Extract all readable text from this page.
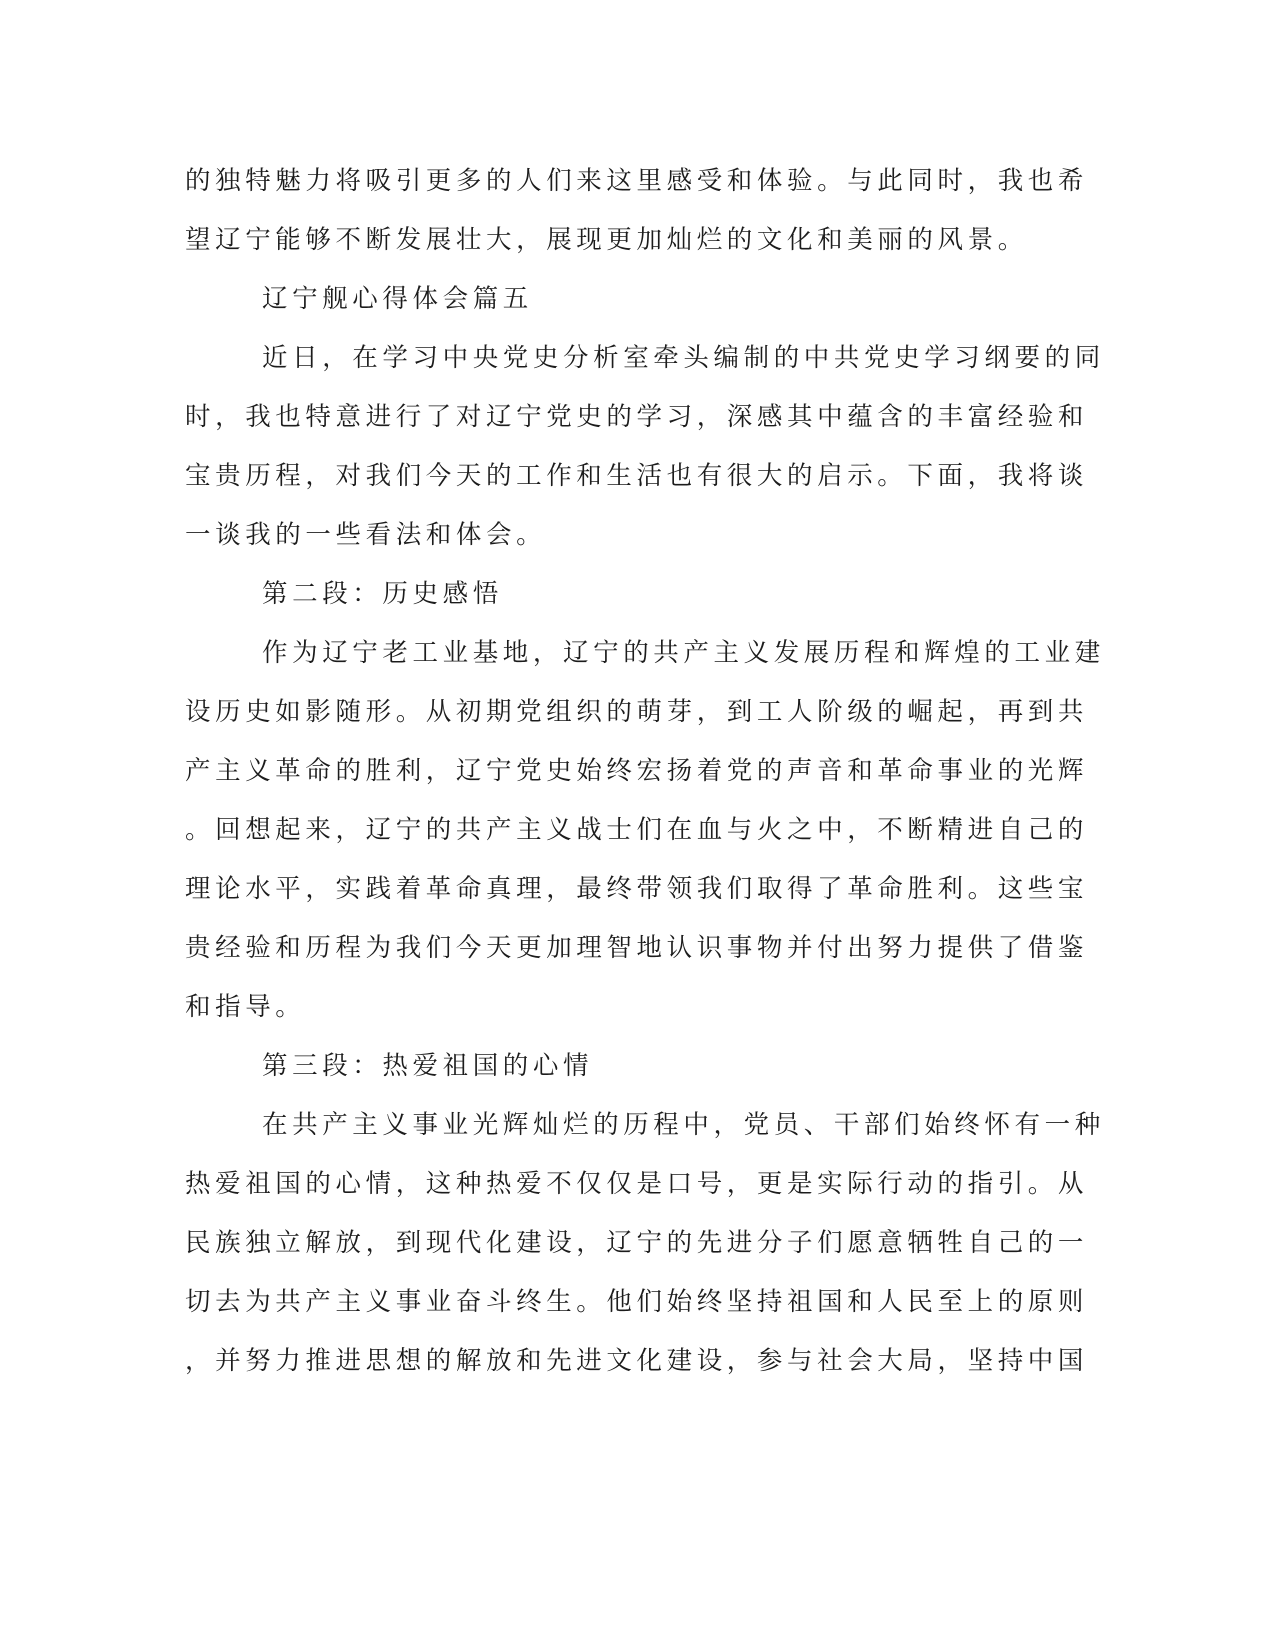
的独特魅力将吸引更多的人们来这里感受和体验。与此同时，我也希
望辽宁能够不断发展壮大，展现更加灿烂的文化和美丽的风景。
辽宁舰心得体会篇五
近日，在学习中央党史分析室牵头编制的中共党史学习纲要的同
时，我也特意进行了对辽宁党史的学习，深感其中蕴含的丰富经验和
宝贵历程，对我们今天的工作和生活也有很大的启示。下面，我将谈
一谈我的一些看法和体会。
第二段：历史感悟
作为辽宁老工业基地，辽宁的共产主义发展历程和辉煌的工业建
设历史如影随形。从初期党组织的萌芽，到工人阶级的崛起，再到共
产主义革命的胜利，辽宁党史始终宏扬着党的声音和革命事业的光辉
。回想起来，辽宁的共产主义战士们在血与火之中，不断精进自己的
理论水平，实践着革命真理，最终带领我们取得了革命胜利。这些宝
贵经验和历程为我们今天更加理智地认识事物并付出努力提供了借鉴
和指导。
第三段：热爱祖国的心情
在共产主义事业光辉灿烂的历程中，党员、干部们始终怀有一种
热爱祖国的心情，这种热爱不仅仅是口号，更是实际行动的指引。从
民族独立解放，到现代化建设，辽宁的先进分子们愿意牺牲自己的一
切去为共产主义事业奋斗终生。他们始终坚持祖国和人民至上的原则
，并努力推进思想的解放和先进文化建设，参与社会大局，坚持中国
